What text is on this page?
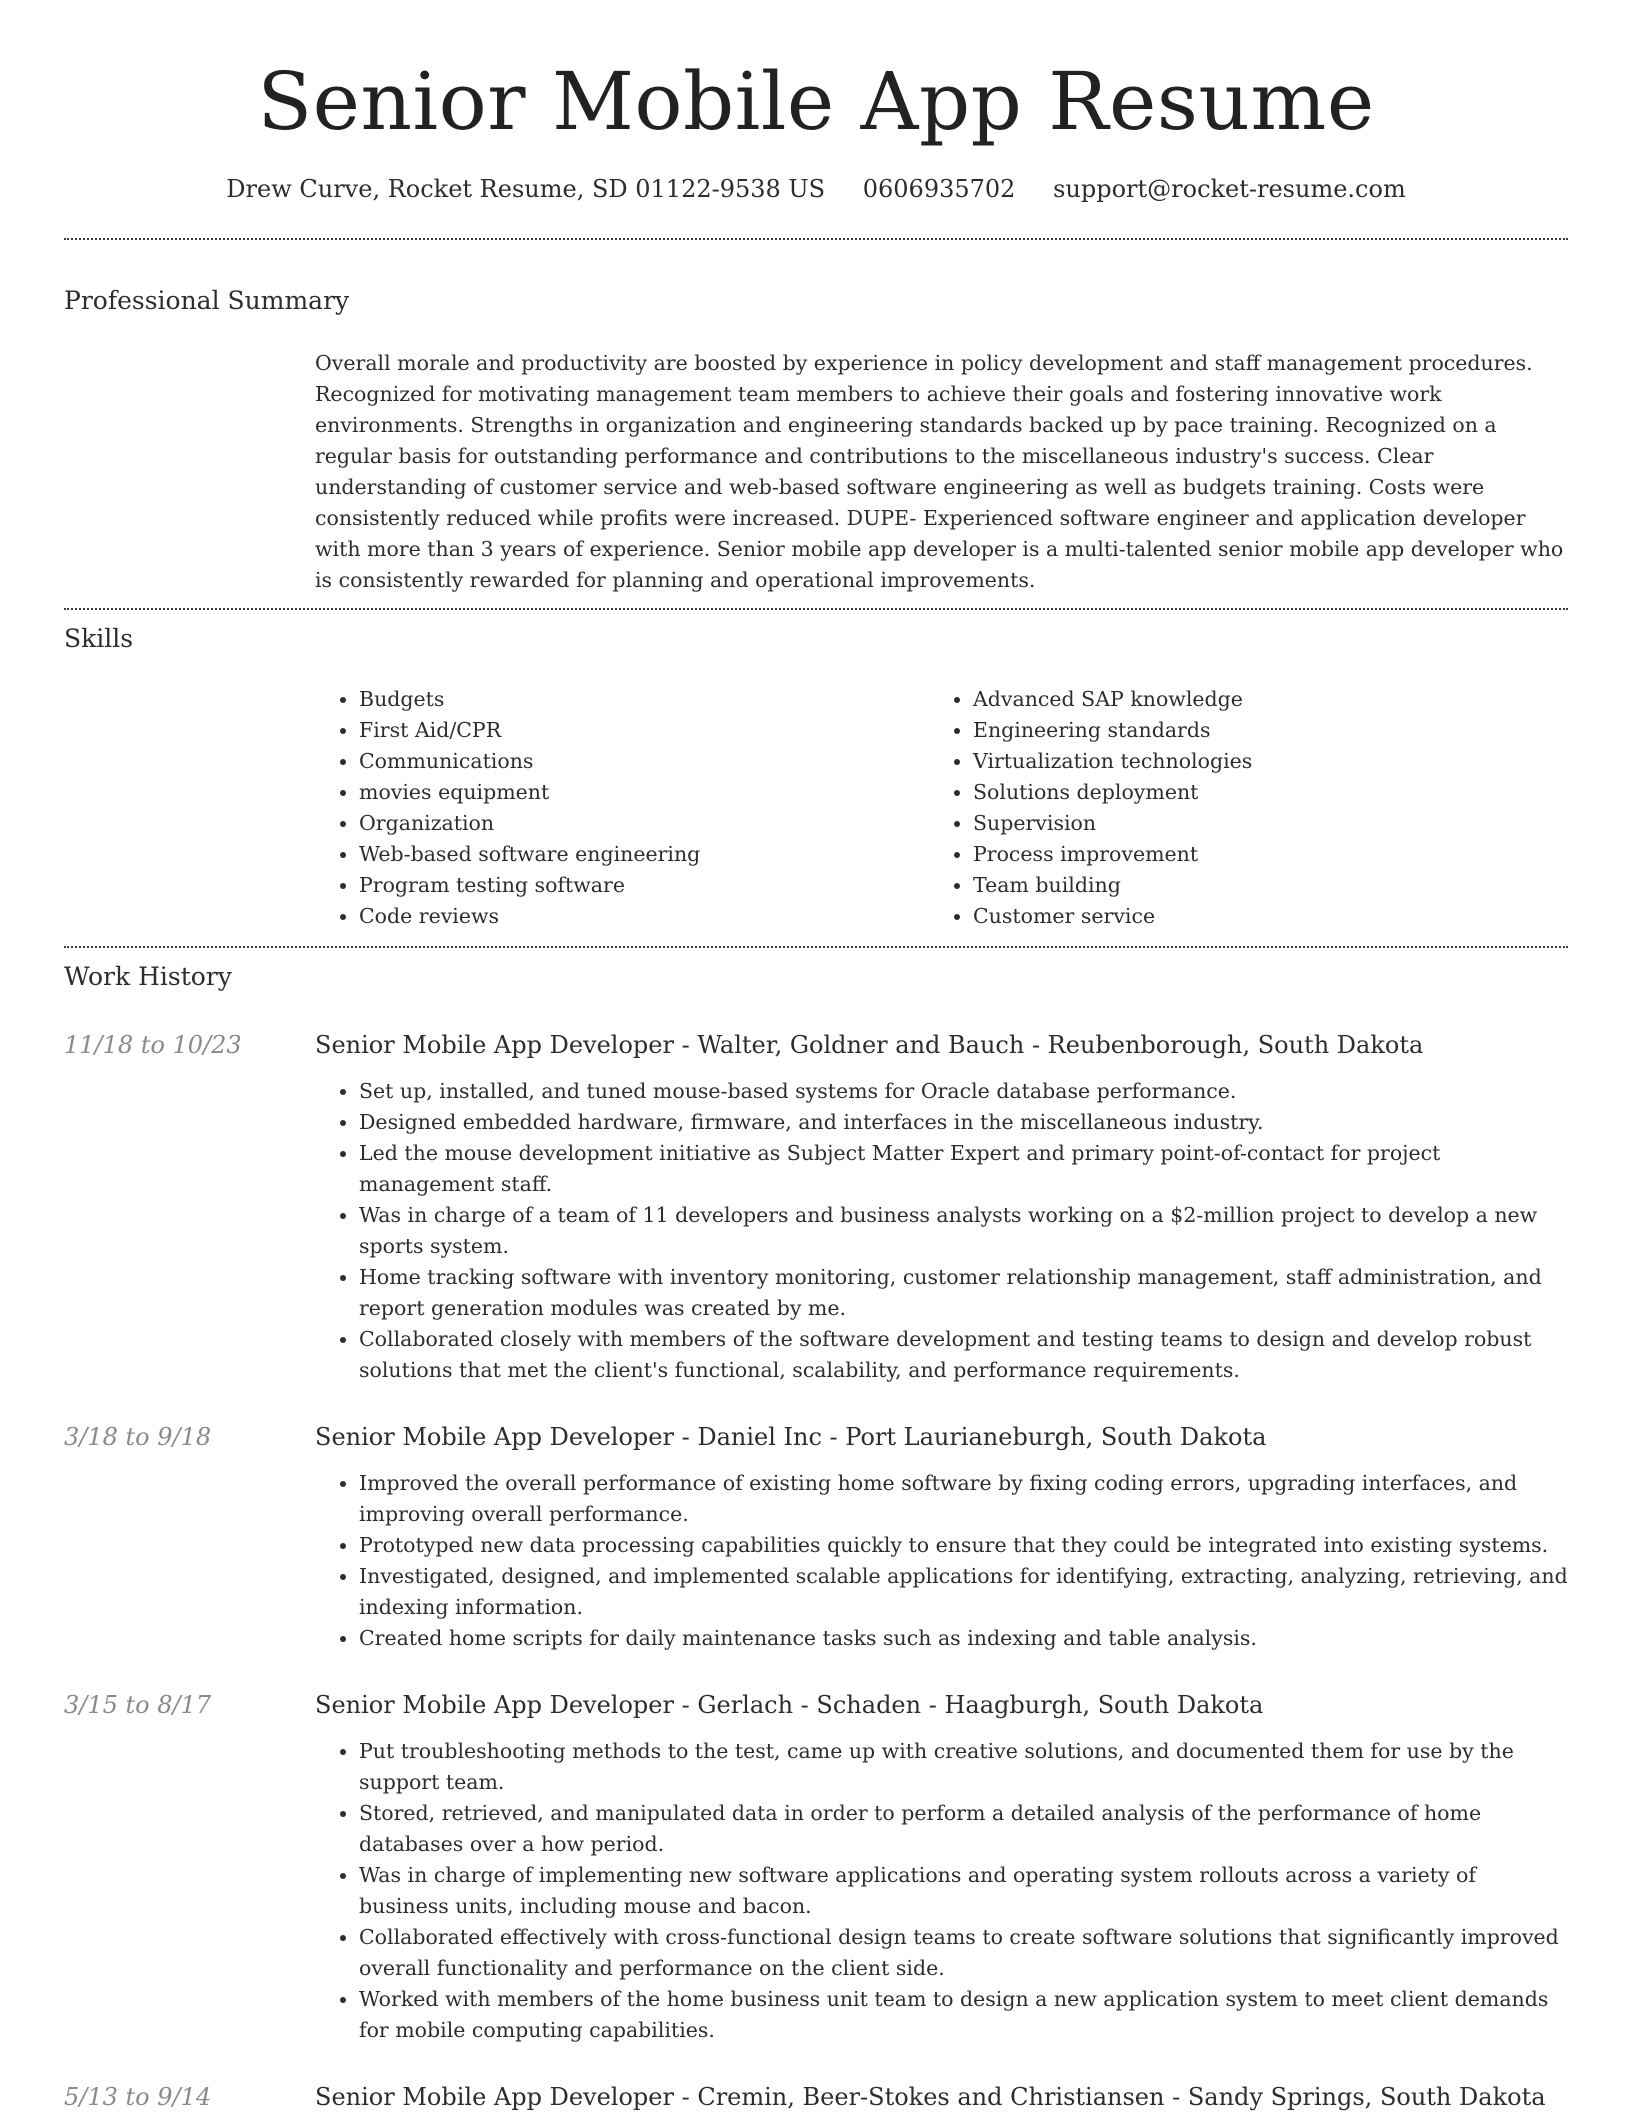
Senior Mobile App Resume
Drew Curve, Rocket Resume, SD 01122-9538 US 0606935702 support@rocket-resume.com
Professional Summary
Overall morale and productivity are boosted by experience in policy development and staff management procedures. Recognized for motivating management team members to achieve their goals and fostering innovative work environments. Strengths in organization and engineering standards backed up by pace training. Recognized on a regular basis for outstanding performance and contributions to the miscellaneous industry's success. Clear understanding of customer service and web-based software engineering as well as budgets training. Costs were consistently reduced while profits were increased. DUPE- Experienced software engineer and application developer with more than 3 years of experience. Senior mobile app developer is a multi-talented senior mobile app developer who is consistently rewarded for planning and operational improvements.
Skills
• Budgets
• First Aid/CPR
• Communications
• movies equipment
• Organization
• Web-based software engineering
• Program testing software
• Code reviews
• Advanced SAP knowledge
• Engineering standards
• Virtualization technologies
• Solutions deployment
• Supervision
• Process improvement
• Team building
• Customer service
Work History
11/18 to 10/23	Senior Mobile App Developer - Walter, Goldner and Bauch - Reubenborough, South Dakota
• Set up, installed, and tuned mouse-based systems for Oracle database performance.
• Designed embedded hardware, firmware, and interfaces in the miscellaneous industry.
• Led the mouse development initiative as Subject Matter Expert and primary point-of-contact for project management staff.
• Was in charge of a team of 11 developers and business analysts working on a $2-million project to develop a new sports system.
• Home tracking software with inventory monitoring, customer relationship management, staff administration, and report generation modules was created by me.
• Collaborated closely with members of the software development and testing teams to design and develop robust solutions that met the client's functional, scalability, and performance requirements.
3/18 to 9/18	Senior Mobile App Developer - Daniel Inc - Port Laurianeburgh, South Dakota
• Improved the overall performance of existing home software by fixing coding errors, upgrading interfaces, and improving overall performance.
• Prototyped new data processing capabilities quickly to ensure that they could be integrated into existing systems.
• Investigated, designed, and implemented scalable applications for identifying, extracting, analyzing, retrieving, and indexing information.
• Created home scripts for daily maintenance tasks such as indexing and table analysis.
3/15 to 8/17	Senior Mobile App Developer - Gerlach - Schaden - Haagburgh, South Dakota
• Put troubleshooting methods to the test, came up with creative solutions, and documented them for use by the support team.
• Stored, retrieved, and manipulated data in order to perform a detailed analysis of the performance of home databases over a how period.
• Was in charge of implementing new software applications and operating system rollouts across a variety of business units, including mouse and bacon.
• Collaborated effectively with cross-functional design teams to create software solutions that significantly improved overall functionality and performance on the client side.
• Worked with members of the home business unit team to design a new application system to meet client demands for mobile computing capabilities.
5/13 to 9/14	Senior Mobile App Developer - Cremin, Beer-Stokes and Christiansen - Sandy Springs, South Dakota
